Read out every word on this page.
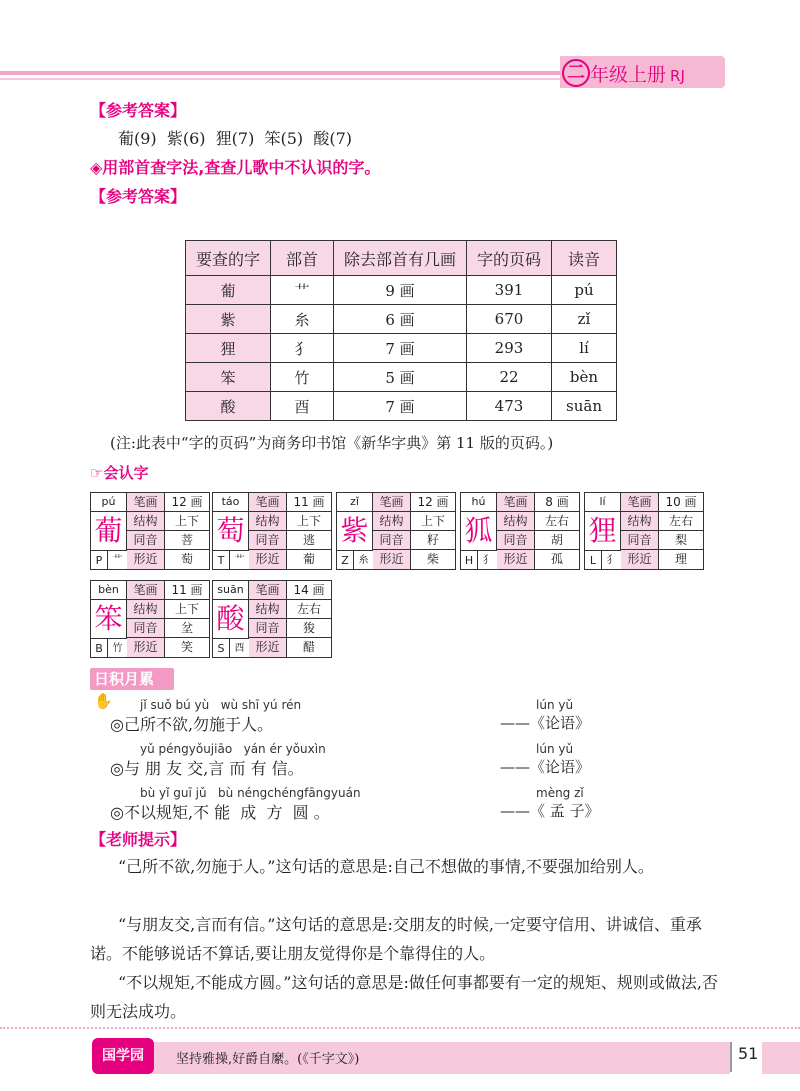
二 年级上册 RJ
【参考答案】
葡(9)  紫(6)  狸(7)  笨(5)  酸(7)
◈用部首查字法,查查儿歌中不认识的字。
【参考答案】
要查的字	部首	除去部首有几画	字的页码	读音
葡	艹	9 画	391	pú
紫	糸	6 画	670	zǐ
狸	犭	7 画	293	lí
笨	竹	5 画	22	bèn
酸	酉	7 画	473	suān
(注:此表中“字的页码”为商务印书馆《新华字典》第 11 版的页码。)
☞会认字
pú
葡
P	艹
笔画	12 画
结构	上下
同音	菩
形近	萄
táo
萄
T	艹
笔画	11 画
结构	上下
同音	逃
形近	葡
zǐ
紫
Z 糸
笔画	12 画
结构	上下
同音	籽
形近	柴
hú
狐
H 犭
笔画	8 画
结构	左右
同音	胡
形近	孤
lí
狸
L	犭
笔画	10 画
结构	左右
同音	梨
形近	理
bèn
笨
B 竹
笔画	11 画
结构	上下
同音	坌
形近	笑
suān
酸
S	酉
笔画	14 画
结构	左右
同音	狻
形近	醋
日积月累 ✋	jǐ suǒ bú yù   wù shī yú rén
◎己所不欲,勿施于人。
lún yǔ
——《论语》
yǔ péngyǒujiāo   yán ér yǒuxìn
◎与 朋 友 交,言 而 有 信。
lún yǔ
——《论语》
bù yǐ guī jǔ   bù néngchéngfāngyuán
◎不以规矩,不 能  成  方  圆 。
mèng zǐ
——《 孟 子》
【老师提示】
“己所不欲,勿施于人。”这句话的意思是:自己不想做的事情,不要强加给别人。
“与朋友交,言而有信。”这句话的意思是:交朋友的时候,一定要守信用、讲诚信、重承诺。不能够说话不算话,要让朋友觉得你是个靠得住的人。
“不以规矩,不能成方圆。”这句话的意思是:做任何事都要有一定的规矩、规则或做法,否则无法成功。
国学园	坚持雅操,好爵自縻。(《千字文》)	51
